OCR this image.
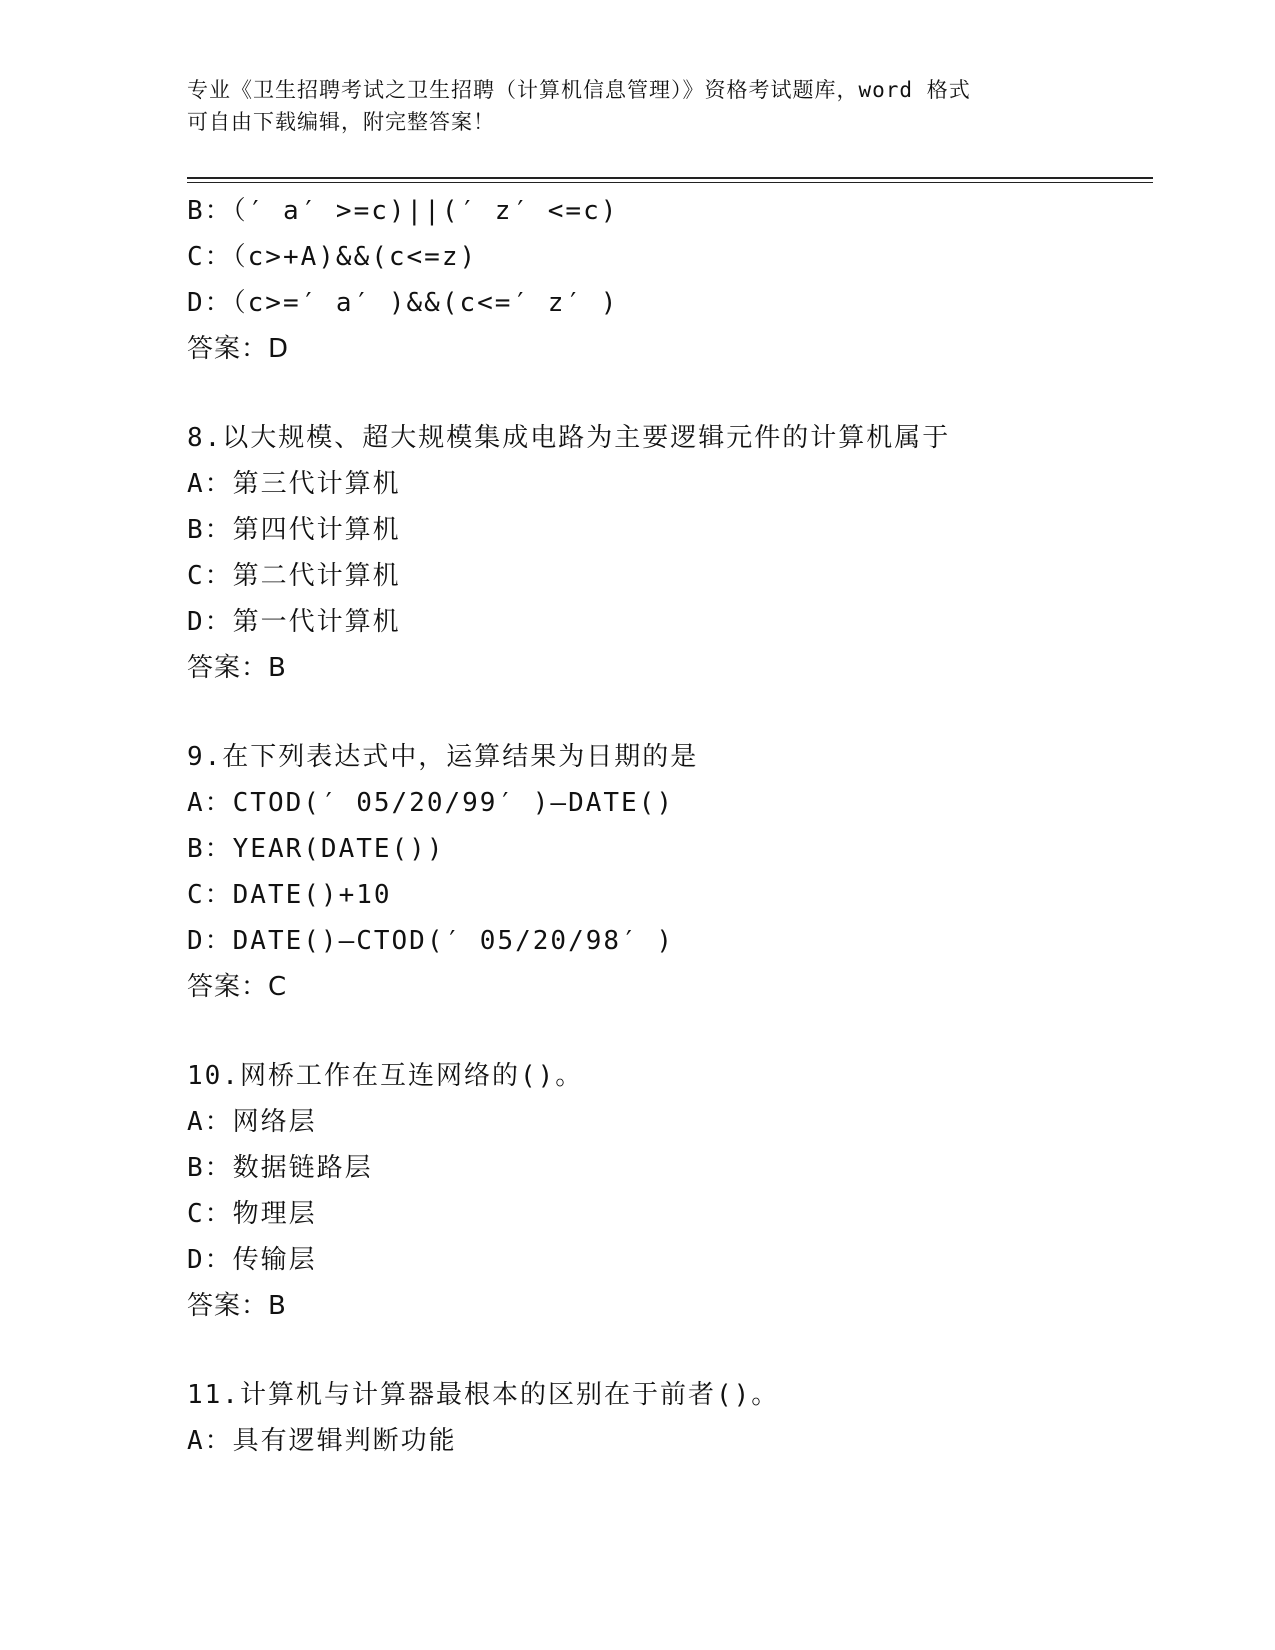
专业《卫生招聘考试之卫生招聘（计算机信息管理）》资格考试题库，word 格式
可自由下载编辑，附完整答案！
B：（′ a′ >=c)||(′ z′ <=c)
C：（c>+A)&&(c<=z)
D：（c>=′ a′ )&&(c<=′ z′ )
答案：D
8.以大规模、超大规模集成电路为主要逻辑元件的计算机属于
A：第三代计算机
B：第四代计算机
C：第二代计算机
D：第一代计算机
答案：B
9.在下列表达式中，运算结果为日期的是
A：CTOD(′ 05/20/99′ )—DATE()
B：YEAR(DATE())
C：DATE()+10
D：DATE()—CTOD(′ 05/20/98′ )
答案：C
10.网桥工作在互连网络的()。
A：网络层
B：数据链路层
C：物理层
D：传输层
答案：B
11.计算机与计算器最根本的区别在于前者()。
A：具有逻辑判断功能
